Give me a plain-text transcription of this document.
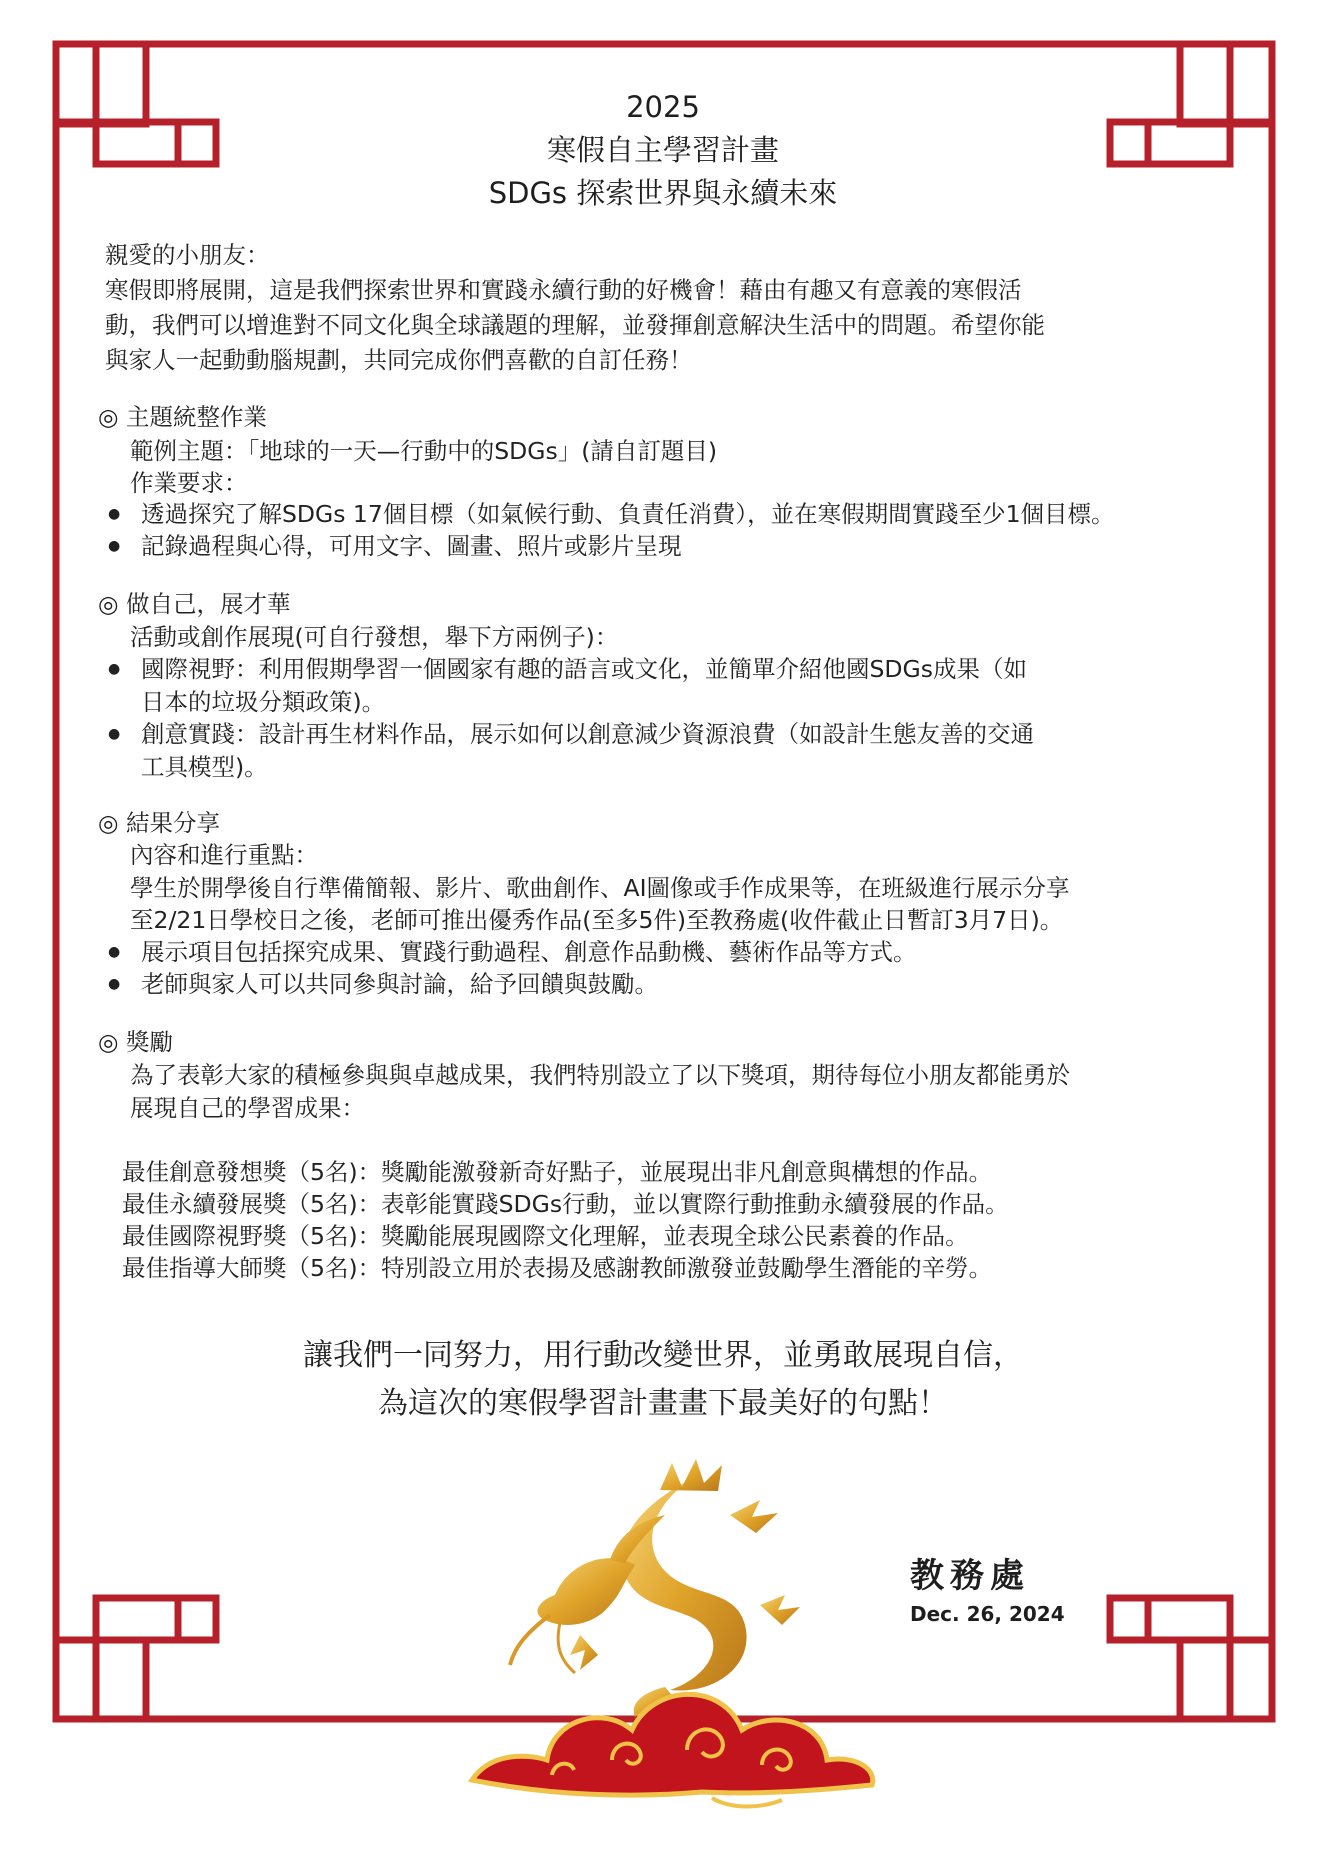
2025
寒假自主學習計畫
SDGs 探索世界與永續未來
親愛的小朋友：
寒假即將展開，這是我們探索世界和實踐永續行動的好機會！藉由有趣又有意義的寒假活
動，我們可以增進對不同文化與全球議題的理解，並發揮創意解決生活中的問題。希望你能
與家人一起動動腦規劃，共同完成你們喜歡的自訂任務！
◎ 主題統整作業
範例主題：「地球的一天—行動中的SDGs」(請自訂題目)
作業要求：
透過探究了解SDGs 17個目標（如氣候行動、負責任消費），並在寒假期間實踐至少1個目標。
記錄過程與心得，可用文字、圖畫、照片或影片呈現
◎ 做自己，展才華
活動或創作展現(可自行發想，舉下方兩例子)：
國際視野：利用假期學習一個國家有趣的語言或文化，並簡單介紹他國SDGs成果（如
日本的垃圾分類政策)。
創意實踐：設計再生材料作品，展示如何以創意減少資源浪費（如設計生態友善的交通
工具模型)。
◎ 結果分享
內容和進行重點：
學生於開學後自行準備簡報、影片、歌曲創作、AI圖像或手作成果等，在班級進行展示分享
至2/21日學校日之後，老師可推出優秀作品(至多5件)至教務處(收件截止日暫訂3月7日)。
展示項目包括探究成果、實踐行動過程、創意作品動機、藝術作品等方式。
老師與家人可以共同參與討論，給予回饋與鼓勵。
◎ 獎勵
為了表彰大家的積極參與與卓越成果，我們特別設立了以下獎項，期待每位小朋友都能勇於
展現自己的學習成果：
最佳創意發想獎（5名)：獎勵能激發新奇好點子，並展現出非凡創意與構想的作品。
最佳永續發展獎（5名)：表彰能實踐SDGs行動，並以實際行動推動永續發展的作品。
最佳國際視野獎（5名)：獎勵能展現國際文化理解，並表現全球公民素養的作品。
最佳指導大師獎（5名)：特別設立用於表揚及感謝教師激發並鼓勵學生潛能的辛勞。
讓我們一同努力，用行動改變世界，並勇敢展現自信，
為這次的寒假學習計畫畫下最美好的句點！
教務處
Dec. 26, 2024
